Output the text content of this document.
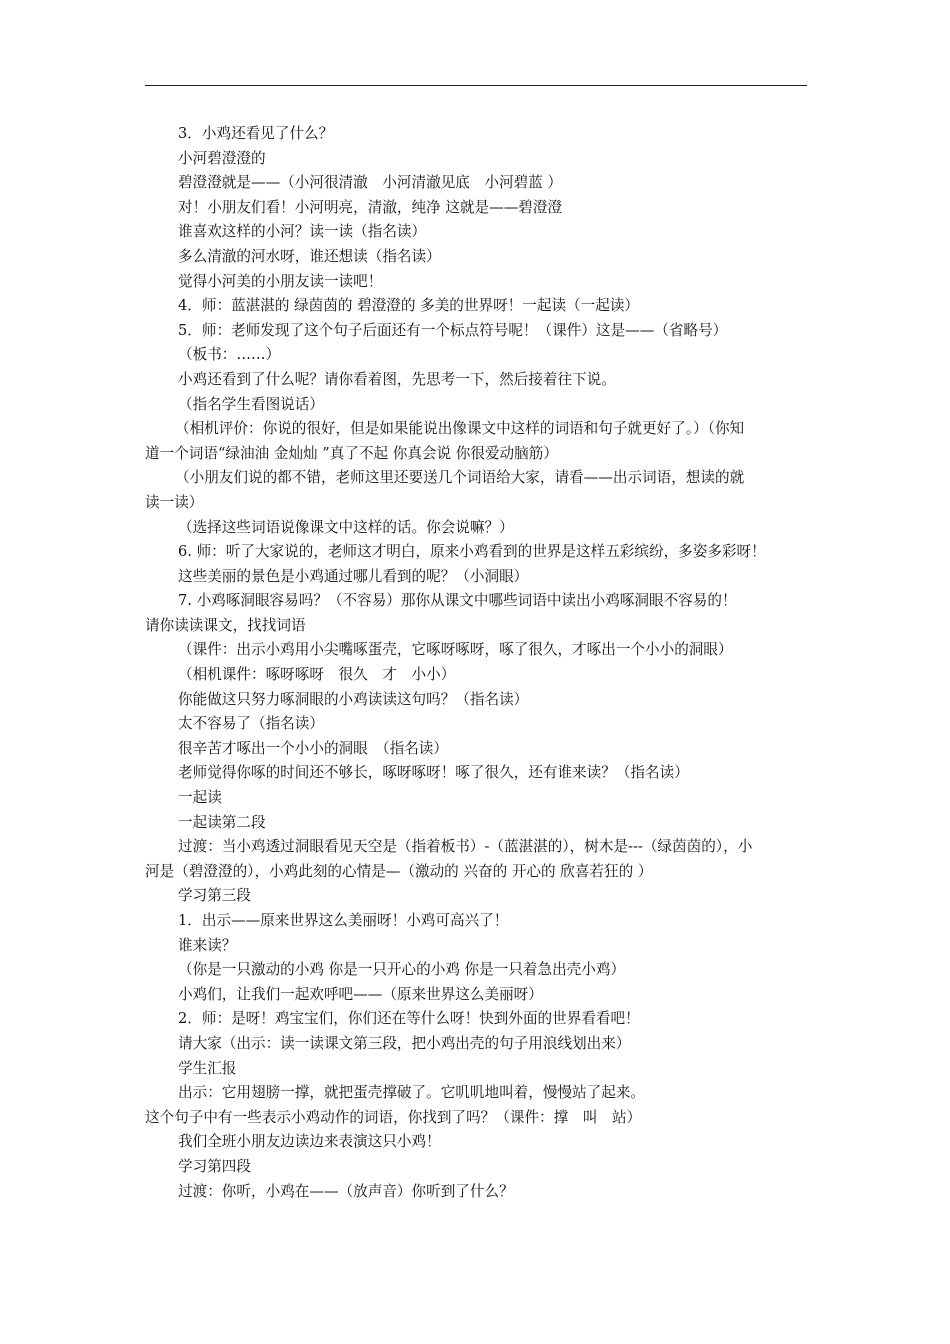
3．小鸡还看见了什么？
小河碧澄澄的
碧澄澄就是——（小河很清澈　小河清澈见底　小河碧蓝 ）
对！小朋友们看！小河明亮，清澈，纯净 这就是——碧澄澄
谁喜欢这样的小河？读一读（指名读）
多么清澈的河水呀，谁还想读（指名读）
觉得小河美的小朋友读一读吧！
4．师：蓝湛湛的 绿茵茵的 碧澄澄的 多美的世界呀！一起读（一起读）
5．师：老师发现了这个句子后面还有一个标点符号呢！（课件）这是——（省略号）
（板书：……）
小鸡还看到了什么呢？请你看着图，先思考一下，然后接着往下说。
（指名学生看图说话）
（相机评价：你说的很好，但是如果能说出像课文中这样的词语和句子就更好了。）（你知
道一个词语“绿油油 金灿灿 ”真了不起 你真会说 你很爱动脑筋）
（小朋友们说的都不错，老师这里还要送几个词语给大家，请看——出示词语，想读的就
读一读）
（选择这些词语说像课文中这样的话。你会说嘛？）
6. 师：听了大家说的，老师这才明白，原来小鸡看到的世界是这样五彩缤纷，多姿多彩呀！
这些美丽的景色是小鸡通过哪儿看到的呢？（小洞眼）
7. 小鸡啄洞眼容易吗？（不容易）那你从课文中哪些词语中读出小鸡啄洞眼不容易的！
请你读读课文，找找词语
（课件：出示小鸡用小尖嘴啄蛋壳，它啄呀啄呀，啄了很久，才啄出一个小小的洞眼）
（相机课件：啄呀啄呀　很久　才　小小）
你能做这只努力啄洞眼的小鸡读读这句吗？（指名读）
太不容易了（指名读）
很辛苦才啄出一个小小的洞眼　（指名读）
老师觉得你啄的时间还不够长，啄呀啄呀！啄了很久，还有谁来读？（指名读）
一起读
一起读第二段
过渡：当小鸡透过洞眼看见天空是（指着板书）-（蓝湛湛的），树木是---（绿茵茵的），小
河是（碧澄澄的），小鸡此刻的心情是—（激动的 兴奋的 开心的 欣喜若狂的 ）
学习第三段
1．出示——原来世界这么美丽呀！小鸡可高兴了！
谁来读？
（你是一只激动的小鸡 你是一只开心的小鸡 你是一只着急出壳小鸡）
小鸡们，让我们一起欢呼吧——（原来世界这么美丽呀）
2．师：是呀！鸡宝宝们，你们还在等什么呀！快到外面的世界看看吧！
请大家（出示：读一读课文第三段，把小鸡出壳的句子用浪线划出来）
学生汇报
出示：它用翅膀一撑，就把蛋壳撑破了。它叽叽地叫着，慢慢站了起来。
这个句子中有一些表示小鸡动作的词语，你找到了吗？（课件：撑　叫　站）
我们全班小朋友边读边来表演这只小鸡！
学习第四段
过渡：你听，小鸡在——（放声音）你听到了什么？
